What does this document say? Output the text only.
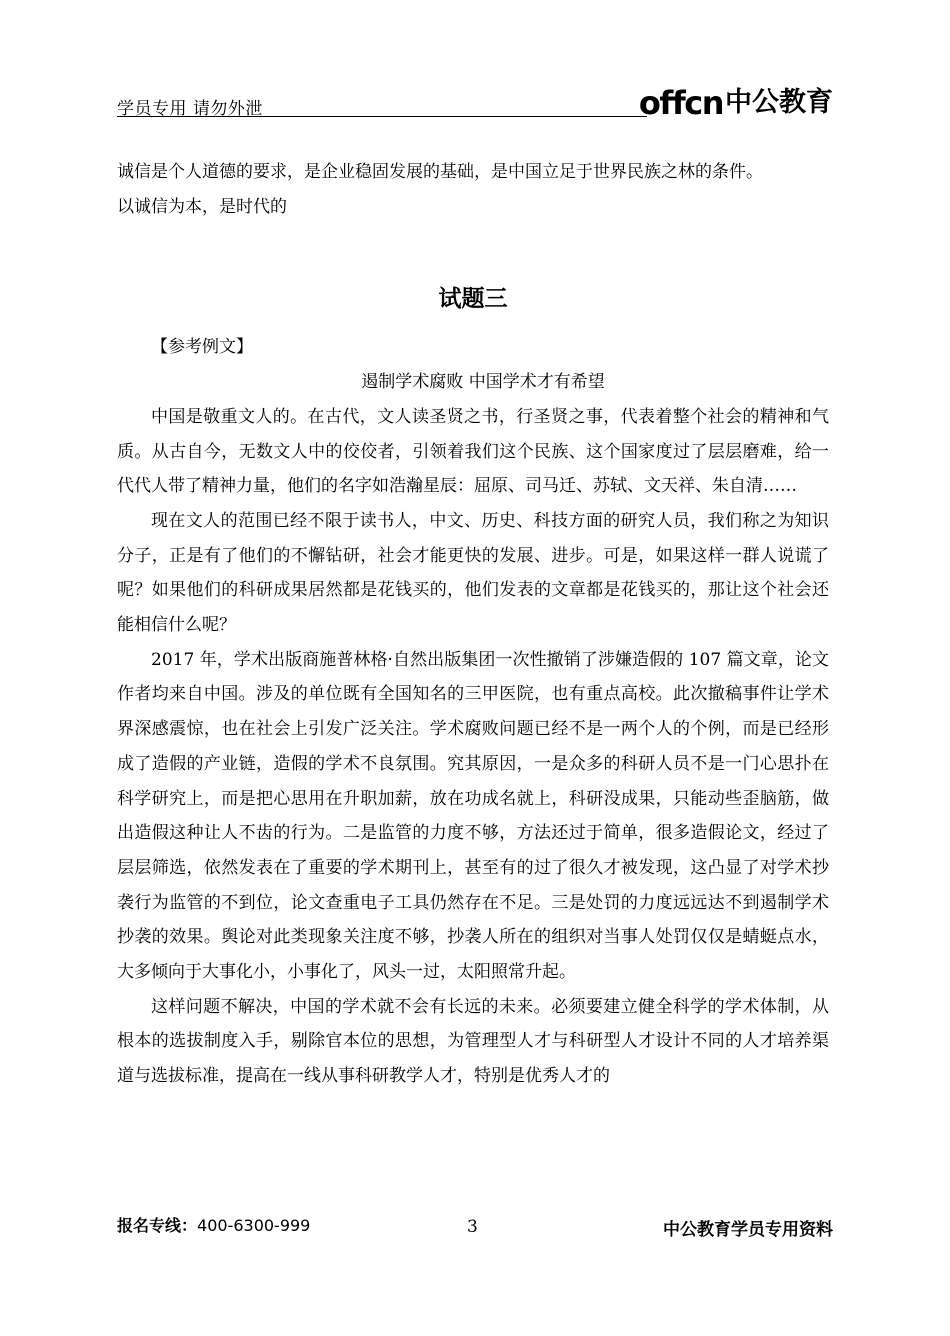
学员专用 请勿外泄	offcn 中公教育

诚信是个人道德的要求，是企业稳固发展的基础，是中国立足于世界民族之林的条件。

以诚信为本，是时代的

试题三

【参考例文】

遏制学术腐败 中国学术才有希望

中国是敬重文人的。在古代，文人读圣贤之书，行圣贤之事，代表着整个社会的精神和气质。从古自今，无数文人中的佼佼者，引领着我们这个民族、这个国家度过了层层磨难，给一代代人带了精神力量，他们的名字如浩瀚星辰：屈原、司马迁、苏轼、文天祥、朱自清……

现在文人的范围已经不限于读书人，中文、历史、科技方面的研究人员，我们称之为知识分子，正是有了他们的不懈钻研，社会才能更快的发展、进步。可是，如果这样一群人说谎了呢？如果他们的科研成果居然都是花钱买的，他们发表的文章都是花钱买的，那让这个社会还能相信什么呢？

2017 年，学术出版商施普林格·自然出版集团一次性撤销了涉嫌造假的 107 篇文章，论文作者均来自中国。涉及的单位既有全国知名的三甲医院，也有重点高校。此次撤稿事件让学术界深感震惊，也在社会上引发广泛关注。学术腐败问题已经不是一两个人的个例，而是已经形成了造假的产业链，造假的学术不良氛围。究其原因，一是众多的科研人员不是一门心思扑在科学研究上，而是把心思用在升职加薪，放在功成名就上，科研没成果，只能动些歪脑筋，做出造假这种让人不齿的行为。二是监管的力度不够，方法还过于简单，很多造假论文，经过了层层筛选，依然发表在了重要的学术期刊上，甚至有的过了很久才被发现，这凸显了对学术抄袭行为监管的不到位，论文查重电子工具仍然存在不足。三是处罚的力度远远达不到遏制学术抄袭的效果。舆论对此类现象关注度不够，抄袭人所在的组织对当事人处罚仅仅是蜻蜓点水，大多倾向于大事化小，小事化了，风头一过，太阳照常升起。

这样问题不解决，中国的学术就不会有长远的未来。必须要建立健全科学的学术体制，从根本的选拔制度入手，剔除官本位的思想，为管理型人才与科研型人才设计不同的人才培养渠道与选拔标准，提高在一线从事科研教学人才，特别是优秀人才的

报名专线：400-6300-999	3	中公教育学员专用资料
